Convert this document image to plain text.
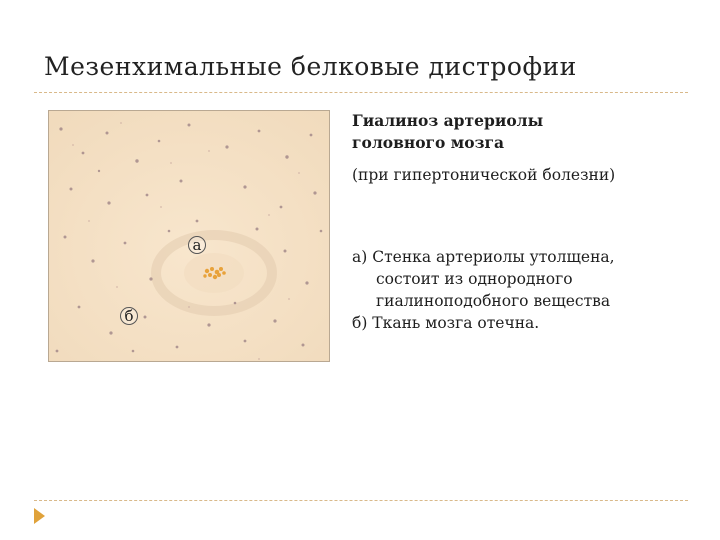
Мезенхимальные белковые дистрофии
а
б
Гиалиноз артериолы
головного мозга
(при гипертонической болезни)
а) Стенка артериолы утолщена,
состоит из однородного
гиалиноподобного вещества
б) Ткань мозга отечна.
